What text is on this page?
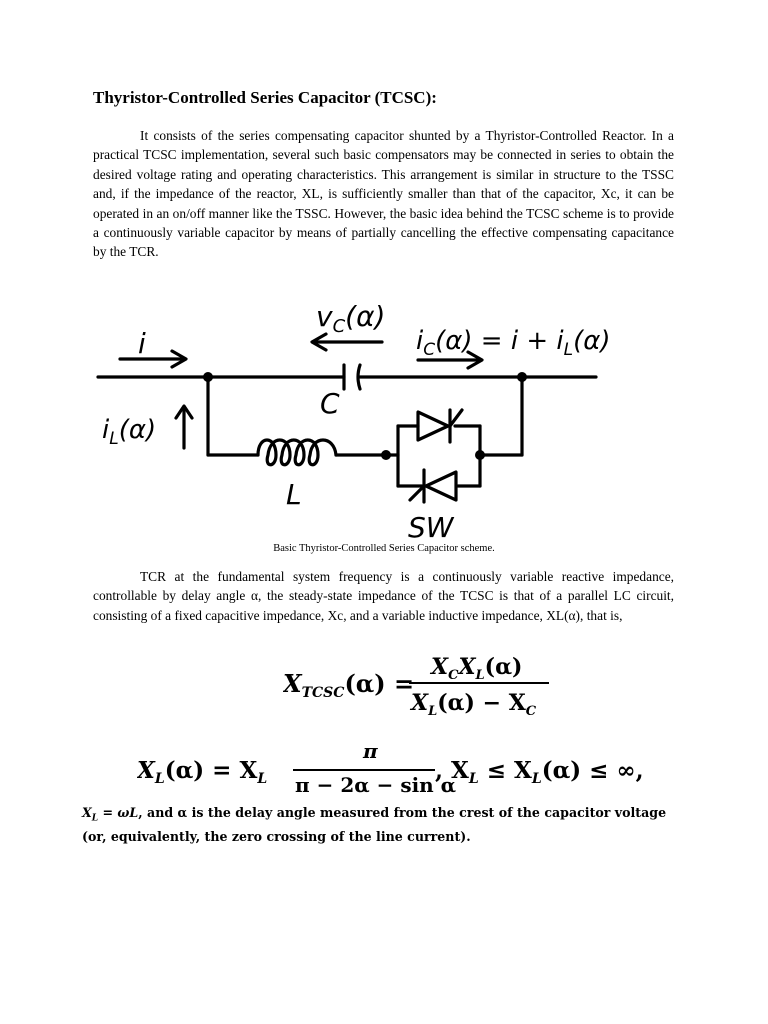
Thyristor-Controlled Series Capacitor (TCSC):

It consists of the series compensating capacitor shunted by a Thyristor-Controlled Reactor. In a practical TCSC implementation, several such basic compensators may be connected in series to obtain the desired voltage rating and operating characteristics. This arrangement is similar in structure to the TSSC and, if the impedance of the reactor, XL, is sufficiently smaller than that of the capacitor, Xc, it can be operated in an on/off manner like the TSSC. However, the basic idea behind the TCSC scheme is to provide a continuously variable capacitor by means of partially cancelling the effective compensating capacitance by the TCR.

i
$v_C(\alpha)$
$i_C(\alpha) = i + i_L(\alpha)$
$i_L(\alpha)$
C
L
SW
Basic Thyristor-Controlled Series Capacitor scheme.

TCR at the fundamental system frequency is a continuously variable reactive impedance, controllable by delay angle α, the steady-state impedance of the TCSC is that of a parallel LC circuit, consisting of a fixed capacitive impedance, Xc, and a variable inductive impedance, XL(α), that is,

$X_{TCSC}(\alpha)$ =
$X_CX_L(\alpha)$
$X_L(\alpha) - X_C$
$X_L(\alpha) = X_L$
π
π − 2α − sin α
, $X_L \le X_L(\alpha)$ ≤ ∞,

$X_L = \omega L$, and α is the delay angle measured from the crest of the capacitor voltage (or, equivalently, the zero crossing of the line current).
